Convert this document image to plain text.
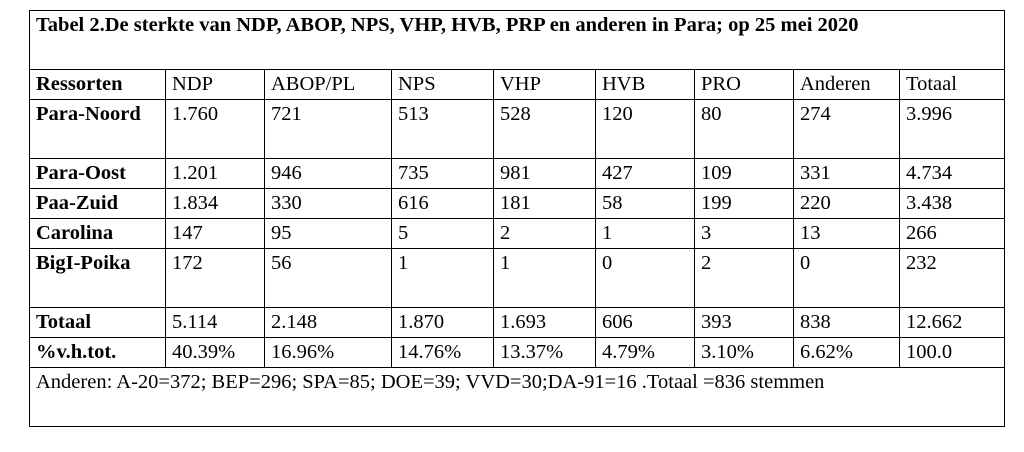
Tabel 2.De sterkte van NDP, ABOP, NPS, VHP, HVB, PRP en anderen in Para; op 25 mei 2020								
Ressorten	NDP	ABOP/PL	NPS	VHP	HVB	PRO	Anderen	Totaal
Para-Noord	1.760	721	513	528	120	80	274	3.996
Para-Oost	1.201	946	735	981	427	109	331	4.734
Paa-Zuid	1.834	330	616	181	58	199	220	3.438
Carolina	147	95	5	2	1	3	13	266
BigI-Poika	172	56	1	1	0	2	0	232
Totaal	5.114	2.148	1.870	1.693	606	393	838	12.662
%v.h.tot.	40.39%	16.96%	14.76%	13.37%	4.79%	3.10%	6.62%	100.0
Anderen: A-20=372; BEP=296; SPA=85; DOE=39; VVD=30;DA-91=16 .Totaal =836 stemmen								
